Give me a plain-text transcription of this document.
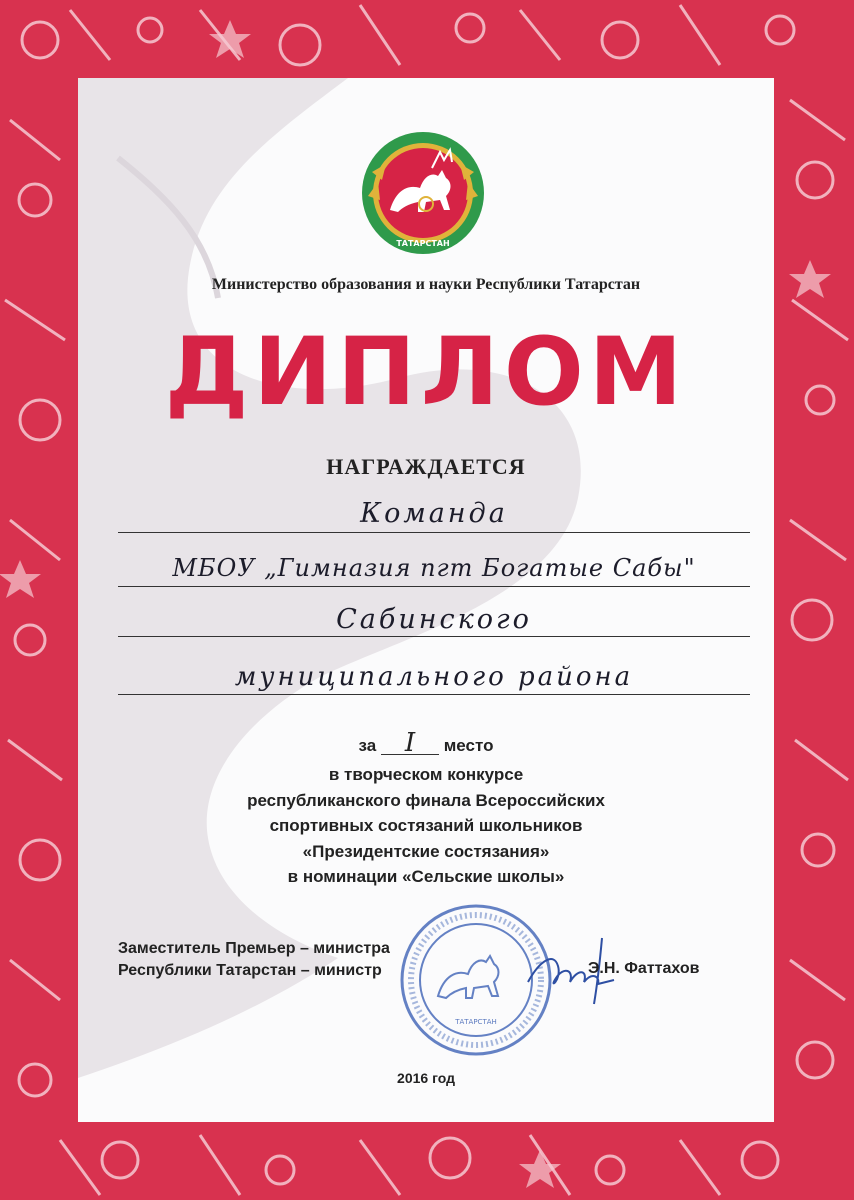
ТАТАРСТАН
Министерство образования и науки Республики Татарстан
ДИПЛОМ
НАГРАЖДАЕТСЯ
Команда
МБОУ „Гимназия пгт Богатые Сабы"
Сабинского
муниципального района
за I место
в творческом конкурсе
республиканского финала Всероссийских
спортивных состязаний школьников
«Президентские состязания»
в номинации «Сельские школы»
ТАТАРСТАН
Заместитель Премьер – министра
Республики Татарстан – министр	Э.Н. Фаттахов
2016 год
